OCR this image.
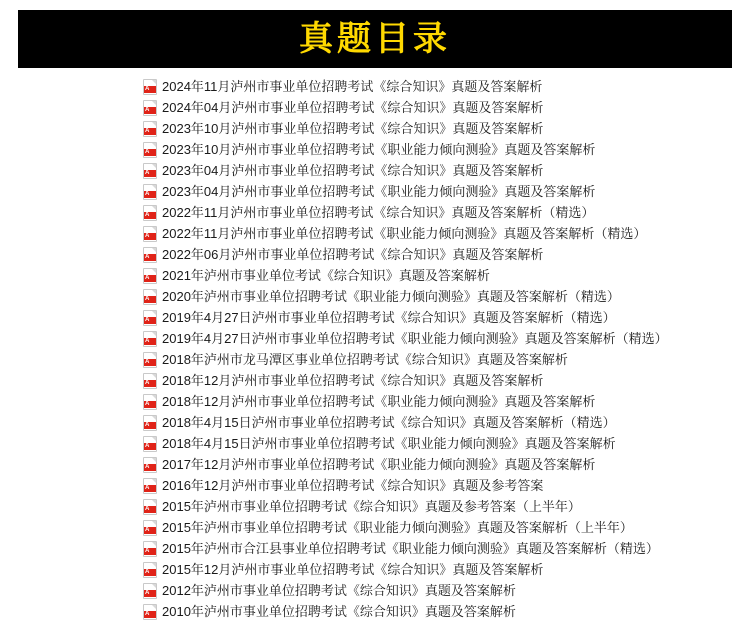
真题目录
A
2024年11月泸州市事业单位招聘考试《综合知识》真题及答案解析
A
2024年04月泸州市事业单位招聘考试《综合知识》真题及答案解析
A
2023年10月泸州市事业单位招聘考试《综合知识》真题及答案解析
A
2023年10月泸州市事业单位招聘考试《职业能力倾向测验》真题及答案解析
A
2023年04月泸州市事业单位招聘考试《综合知识》真题及答案解析
A
2023年04月泸州市事业单位招聘考试《职业能力倾向测验》真题及答案解析
A
2022年11月泸州市事业单位招聘考试《综合知识》真题及答案解析（精选）
A
2022年11月泸州市事业单位招聘考试《职业能力倾向测验》真题及答案解析（精选）
A
2022年06月泸州市事业单位招聘考试《综合知识》真题及答案解析
A
2021年泸州市事业单位考试《综合知识》真题及答案解析
A
2020年泸州市事业单位招聘考试《职业能力倾向测验》真题及答案解析（精选）
A
2019年4月27日泸州市事业单位招聘考试《综合知识》真题及答案解析（精选）
A
2019年4月27日泸州市事业单位招聘考试《职业能力倾向测验》真题及答案解析（精选）
A
2018年泸州市龙马潭区事业单位招聘考试《综合知识》真题及答案解析
A
2018年12月泸州市事业单位招聘考试《综合知识》真题及答案解析
A
2018年12月泸州市事业单位招聘考试《职业能力倾向测验》真题及答案解析
A
2018年4月15日泸州市事业单位招聘考试《综合知识》真题及答案解析（精选）
A
2018年4月15日泸州市事业单位招聘考试《职业能力倾向测验》真题及答案解析
A
2017年12月泸州市事业单位招聘考试《职业能力倾向测验》真题及答案解析
A
2016年12月泸州市事业单位招聘考试《综合知识》真题及参考答案
A
2015年泸州市事业单位招聘考试《综合知识》真题及参考答案（上半年）
A
2015年泸州市事业单位招聘考试《职业能力倾向测验》真题及答案解析（上半年）
A
2015年泸州市合江县事业单位招聘考试《职业能力倾向测验》真题及答案解析（精选）
A
2015年12月泸州市事业单位招聘考试《综合知识》真题及答案解析
A
2012年泸州市事业单位招聘考试《综合知识》真题及答案解析
A
2010年泸州市事业单位招聘考试《综合知识》真题及答案解析
